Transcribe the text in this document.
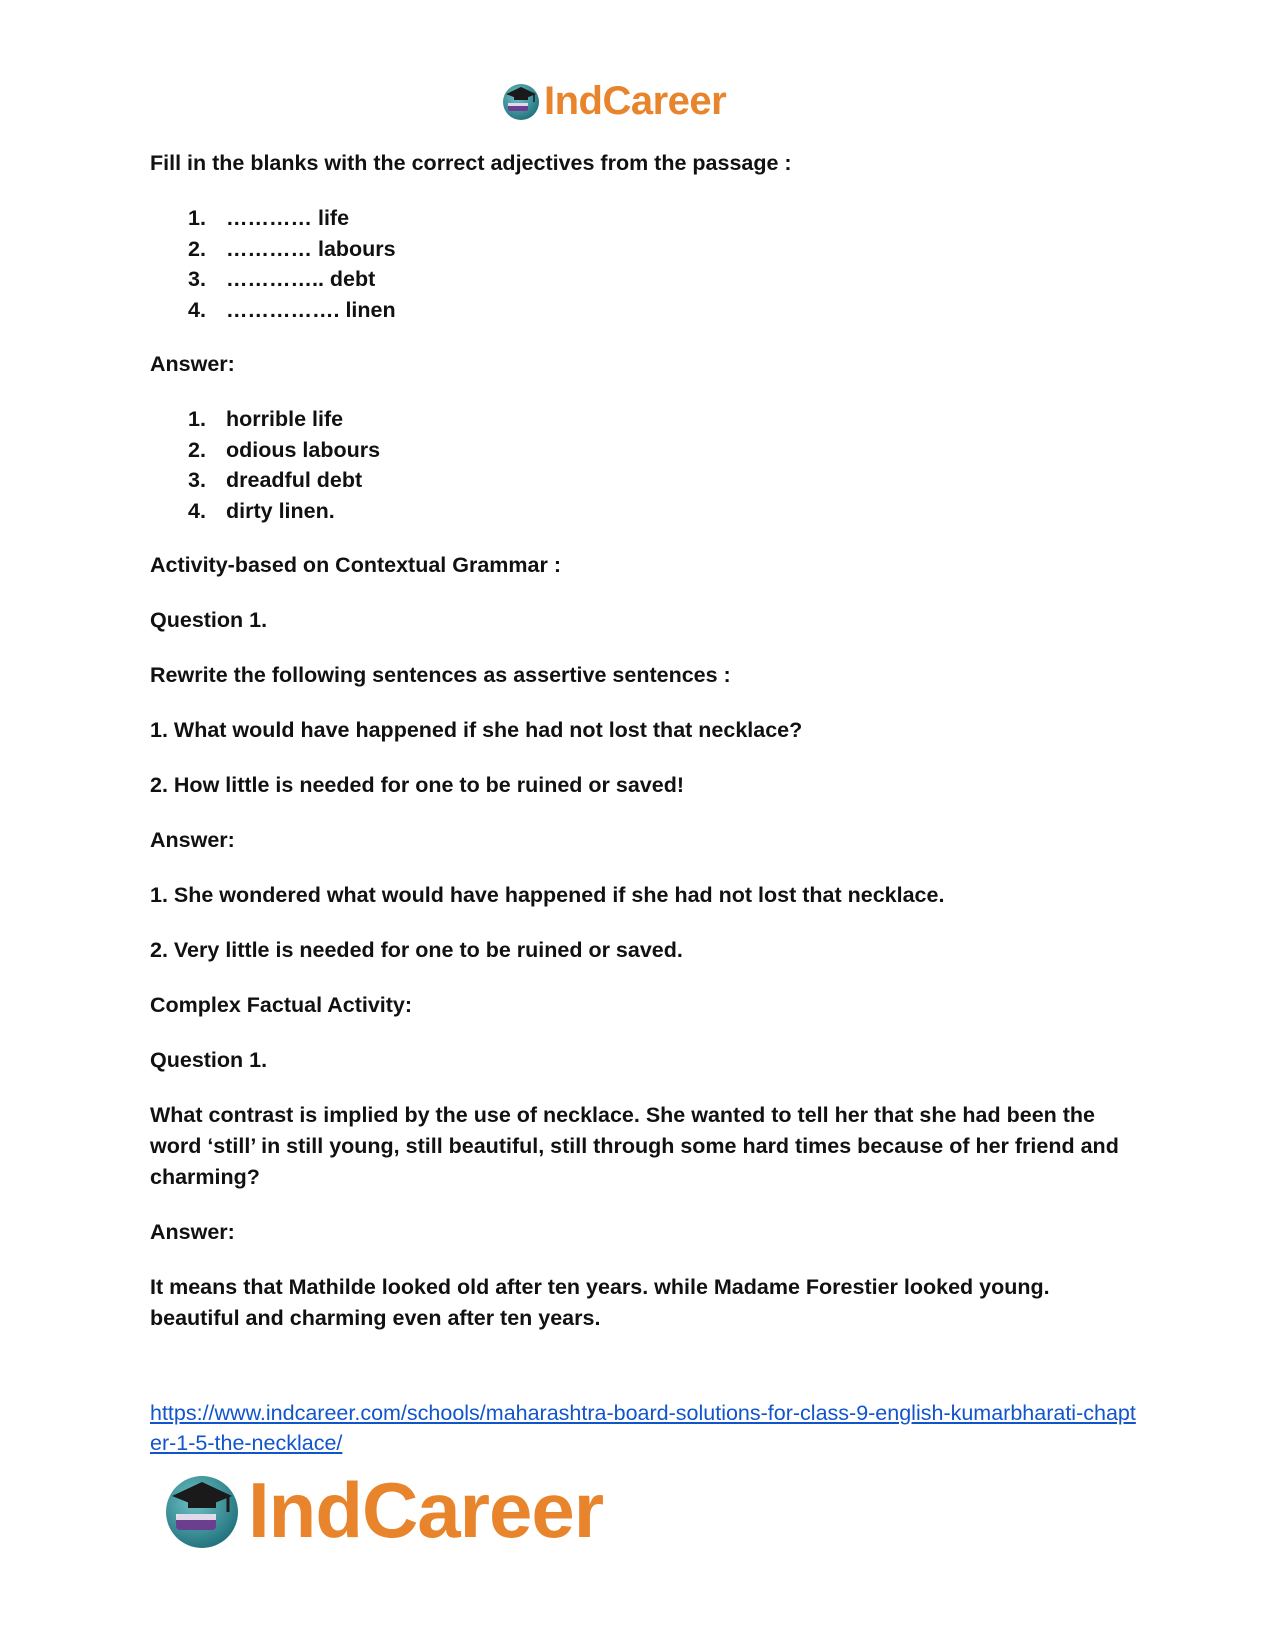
IndCareer

Fill in the blanks with the correct adjectives from the passage :

1. ………… life
2. ………… labours
3. ………….. debt
4. ……………. linen

Answer:

1. horrible life
2. odious labours
3. dreadful debt
4. dirty linen.

Activity-based on Contextual Grammar :

Question 1.

Rewrite the following sentences as assertive sentences :

1. What would have happened if she had not lost that necklace?

2. How little is needed for one to be ruined or saved!

Answer:

1. She wondered what would have happened if she had not lost that necklace.

2. Very little is needed for one to be ruined or saved.

Complex Factual Activity:

Question 1.

What contrast is implied by the use of necklace. She wanted to tell her that she had been the word ‘still’ in still young, still beautiful, still through some hard times because of her friend and charming?

Answer:

It means that Mathilde looked old after ten years. while Madame Forestier looked young. beautiful and charming even after ten years.

https://www.indcareer.com/schools/maharashtra-board-solutions-for-class-9-english-kumarbharati-chapter-1-5-the-necklace/
IndCareer
